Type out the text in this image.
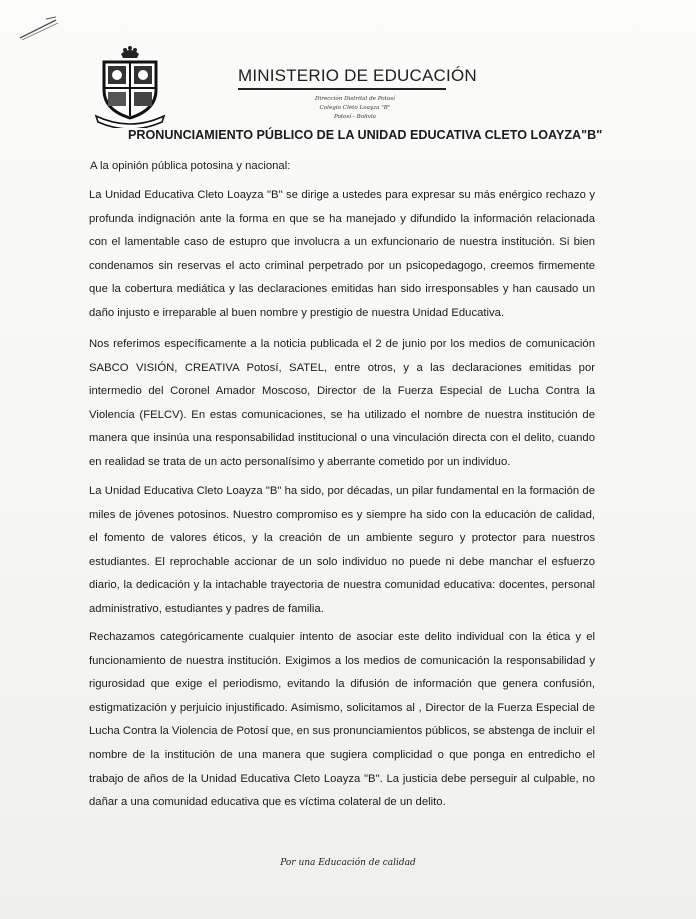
MINISTERIO DE EDUCACIÓN
Dirección Distrital de Potosí
Colegio Cleto Loayza "B"
Potosí - Bolivia
PRONUNCIAMIENTO PÚBLICO DE LA UNIDAD EDUCATIVA CLETO LOAYZA"B"
A la opinión pública potosina y nacional:

La Unidad Educativa Cleto Loayza "B" se dirige a ustedes para expresar su más enérgico rechazo y profunda indignación ante la forma en que se ha manejado y difundido la información relacionada con el lamentable caso de estupro que involucra a un exfuncionario de nuestra institución. Si bien condenamos sin reservas el acto criminal perpetrado por un psicopedagogo, creemos firmemente que la cobertura mediática y las declaraciones emitidas han sido irresponsables y han causado un daño injusto e irreparable al buen nombre y prestigio de nuestra Unidad Educativa.

Nos referimos específicamente a la noticia publicada el 2 de junio por los medios de comunicación SABCO VISIÓN, CREATIVA Potosí, SATEL, entre otros, y a las declaraciones emitidas por intermedio del Coronel Amador Moscoso, Director de la Fuerza Especial de Lucha Contra la Violencia (FELCV). En estas comunicaciones, se ha utilizado el nombre de nuestra institución de manera que insinúa una responsabilidad institucional o una vinculación directa con el delito, cuando en realidad se trata de un acto personalísimo y aberrante cometido por un individuo.

La Unidad Educativa Cleto Loayza "B" ha sido, por décadas, un pilar fundamental en la formación de miles de jóvenes potosinos. Nuestro compromiso es y siempre ha sido con la educación de calidad, el fomento de valores éticos, y la creación de un ambiente seguro y protector para nuestros estudiantes. El reprochable accionar de un solo individuo no puede ni debe manchar el esfuerzo diario, la dedicación y la intachable trayectoria de nuestra comunidad educativa: docentes, personal administrativo, estudiantes y padres de familia.

Rechazamos categóricamente cualquier intento de asociar este delito individual con la ética y el funcionamiento de nuestra institución. Exigimos a los medios de comunicación la responsabilidad y rigurosidad que exige el periodismo, evitando la difusión de información que genera confusión, estigmatización y perjuicio injustificado. Asimismo, solicitamos al , Director de la Fuerza Especial de Lucha Contra la Violencia de Potosí que, en sus pronunciamientos públicos, se abstenga de incluir el nombre de la institución de una manera que sugiera complicidad o que ponga en entredicho el trabajo de años de la Unidad Educativa Cleto Loayza "B". La justicia debe perseguir al culpable, no dañar a una comunidad educativa que es víctima colateral de un delito.

Por una Educación de calidad
